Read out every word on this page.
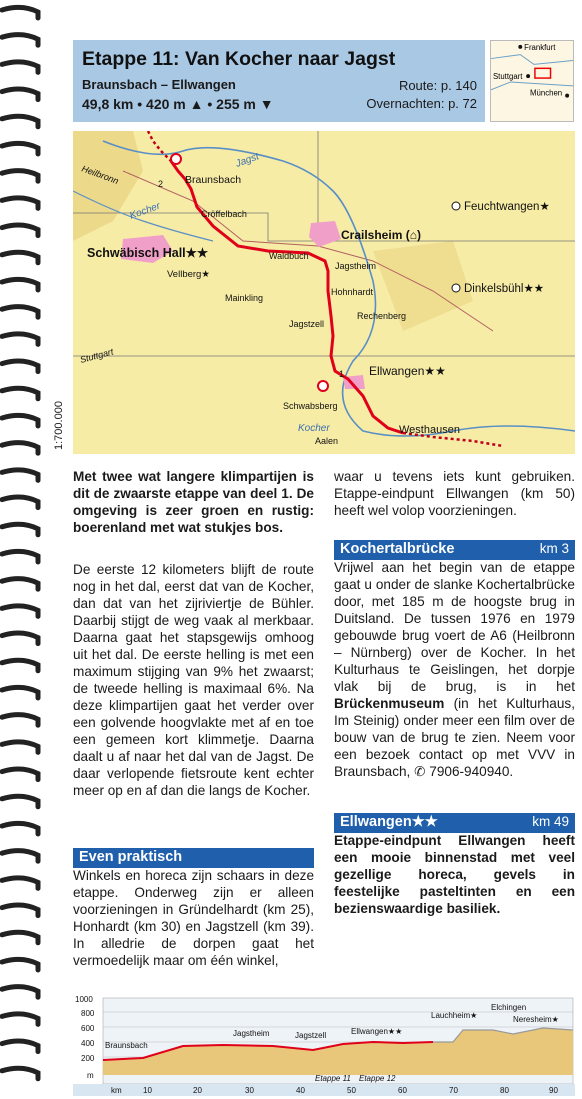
Etappe 11: Van Kocher naar Jagst
Braunsbach – Ellwangen
49,8 km • 420 m ▲ • 255 m ▼
Route: p. 140
Overnachten: p. 72
Frankfurt
Stuttgart
München
Heilbronn
Stuttgart
Jagst
Kocher
Kocher
2 Braunsbach
Cröffelbach
Schwäbisch Hall★★
Vellberg★
Waldbuch
Crailsheim (⌂)
Jagstheim
Mainkling
Hohnhardt
Rechenberg
Jagstzell
Ellwangen★★
1
Schwabsberg
Aalen
Westhausen
Feuchtwangen★
Dinkelsbühl★★
1:700.000
Met twee wat langere klimpartijen is dit de zwaarste etappe van deel 1. De omgeving is zeer groen en rustig: boerenland met wat stukjes bos.
De eerste 12 kilometers blijft de route nog in het dal, eerst dat van de Kocher, dan dat van het zijriviertje de Bühler. Daarbij stijgt de weg vaak al merkbaar. Daarna gaat het stapsgewijs omhoog uit het dal. De eerste helling is met een maximum stijging van 9% het zwaarst; de tweede helling is maximaal 6%. Na deze klimpartijen gaat het verder over een golvende hoogvlakte met af en toe een gemeen kort klimmetje. Daarna daalt u af naar het dal van de Jagst. De daar verlopende fietsroute kent echter meer op en af dan die langs de Kocher.
Even praktisch
Winkels en horeca zijn schaars in deze etappe. Onderweg zijn er alleen voorzieningen in Gründelhardt (km 25), Honhardt (km 30) en Jagstzell (km 39). In alledrie de dorpen gaat het vermoedelijk maar om één winkel,
waar u tevens iets kunt gebruiken. Etappe-eindpunt Ellwangen (km 50) heeft wel volop voorzieningen.
Kochertalbrücke	km 3
Vrijwel aan het begin van de etappe gaat u onder de slanke Kochertalbrücke door, met 185 m de hoogste brug in Duitsland. De tussen 1976 en 1979 gebouwde brug voert de A6 (Heilbronn – Nürnberg) over de Kocher. In het Kulturhaus te Geislingen, het dorpje vlak bij de brug, is in het Brückenmuseum (in het Kulturhaus, Im Steinig) onder meer een film over de bouw van de brug te zien. Neem voor een bezoek contact op met VVV in Braunsbach, ✆ 7906-940940.
Ellwangen★★	km 49
Etappe-eindpunt Ellwangen heeft een mooie binnenstad met veel gezellige horeca, gevels in feestelijke pasteltinten en een bezienswaardige basiliek.
1000
800
600
400
200
m
km	10	20	30	40	50	60	70	80	90
Braunsbach
Jagstheim	Jagstzell	Ellwangen★★
Lauchheim★
Elchingen
Neresheim★
Etappe 11 Etappe 12
